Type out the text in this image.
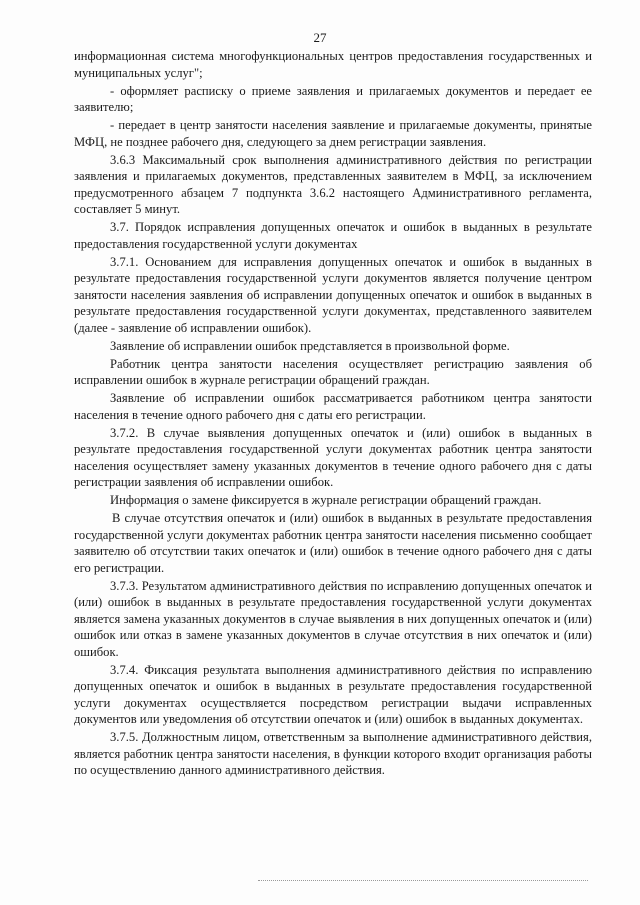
27

информационная система многофункциональных центров предоставления государственных и муниципальных услуг";

- оформляет расписку о приеме заявления и прилагаемых документов и передает ее заявителю;

- передает в центр занятости населения заявление и прилагаемые документы, принятые МФЦ, не позднее рабочего дня, следующего за днем регистрации заявления.

3.6.3 Максимальный срок выполнения административного действия по регистрации заявления и прилагаемых документов, представленных заявителем в МФЦ, за исключением предусмотренного абзацем 7 подпункта 3.6.2 настоящего Административного регламента, составляет 5 минут.

3.7. Порядок исправления допущенных опечаток и ошибок в выданных в результате предоставления государственной услуги документах

3.7.1. Основанием для исправления допущенных опечаток и ошибок в выданных в результате предоставления государственной услуги документов является получение центром занятости населения заявления об исправлении допущенных опечаток и ошибок в выданных в результате предоставления государственной услуги документах, представленного заявителем (далее - заявление об исправлении ошибок).

Заявление об исправлении ошибок представляется в произвольной форме.

Работник центра занятости населения осуществляет регистрацию заявления об исправлении ошибок в журнале регистрации обращений граждан.

Заявление об исправлении ошибок рассматривается работником центра занятости населения в течение одного рабочего дня с даты его регистрации.

3.7.2. В случае выявления допущенных опечаток и (или) ошибок в выданных в результате предоставления государственной услуги документах работник центра занятости населения осуществляет замену указанных документов в течение одного рабочего дня с даты регистрации заявления об исправлении ошибок.

Информация о замене фиксируется в журнале регистрации обращений граждан.

В случае отсутствия опечаток и (или) ошибок в выданных в результате предоставления государственной услуги документах работник центра занятости населения письменно сообщает заявителю об отсутствии таких опечаток и (или) ошибок в течение одного рабочего дня с даты его регистрации.

3.7.3. Результатом административного действия по исправлению допущенных опечаток и (или) ошибок в выданных в результате предоставления государственной услуги документах является замена указанных документов в случае выявления в них допущенных опечаток и (или) ошибок или отказ в замене указанных документов в случае отсутствия в них опечаток и (или) ошибок.

3.7.4. Фиксация результата выполнения административного действия по исправлению допущенных опечаток и ошибок в выданных в результате предоставления государственной услуги документах осуществляется посредством регистрации выдачи исправленных документов или уведомления об отсутствии опечаток и (или) ошибок в выданных документах.

3.7.5. Должностным лицом, ответственным за выполнение административного действия, является работник центра занятости населения, в функции которого входит организация работы по осуществлению данного административного действия.
